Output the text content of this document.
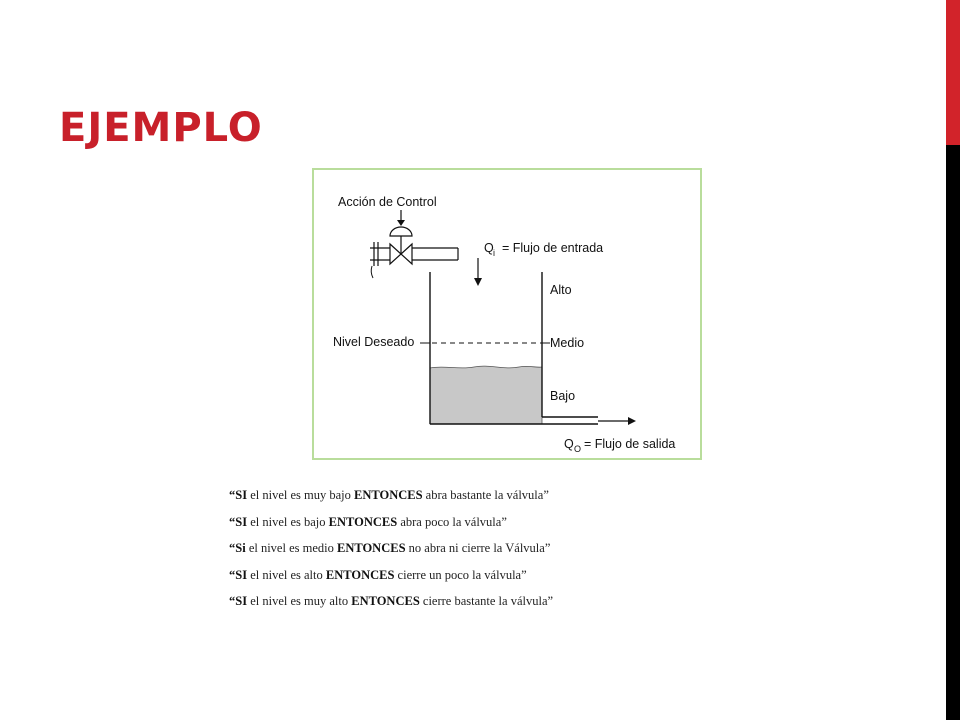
EJEMPLO
Acción de Control
Q i = Flujo de entrada
Nivel Deseado
Alto
Medio
Bajo
Q O = Flujo de salida
“SI el nivel es muy bajo ENTONCES abra bastante la válvula”
“SI el nivel es bajo ENTONCES abra poco la válvula”
“Si el nivel es medio ENTONCES no abra ni cierre la Válvula”
“SI el nivel es alto ENTONCES cierre un poco la válvula”
“SI el nivel es muy alto ENTONCES cierre bastante la válvula”
